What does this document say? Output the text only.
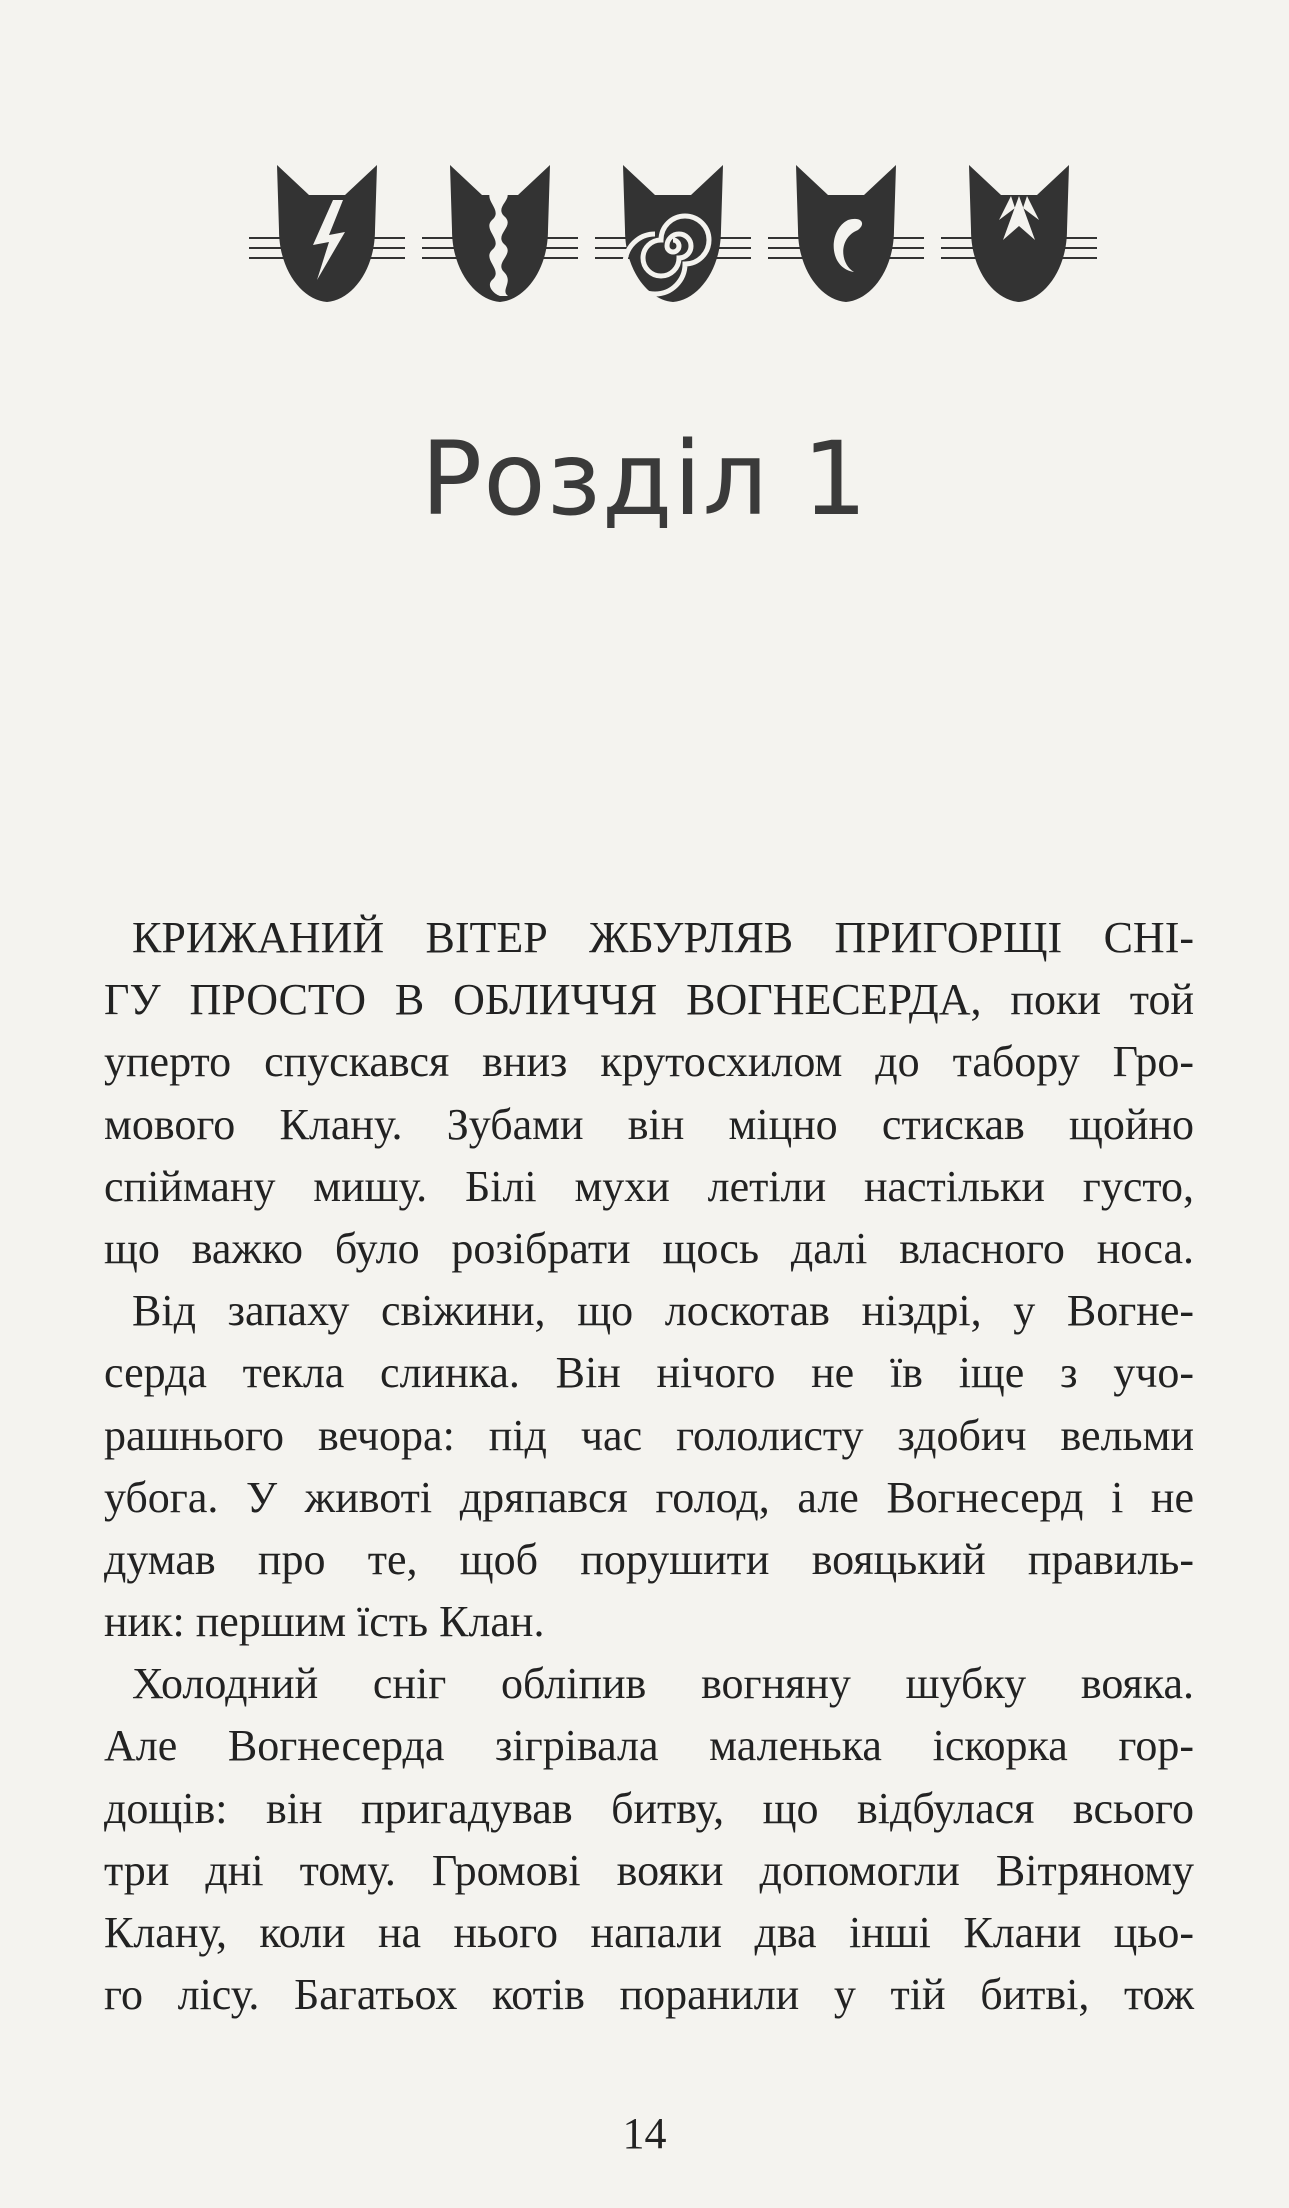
Розділ 1
КРИЖАНИЙ ВІТЕР ЖБУРЛЯВ ПРИГОРЩІ СНІ-
ГУ ПРОСТО В ОБЛИЧЧЯ ВОГНЕСЕРДА, поки той
уперто спускався вниз крутосхилом до табору Гро-
мового Клану. Зубами він міцно стискав щойно
спійману мишу. Білі мухи летіли настільки густо,
що важко було розібрати щось далі власного носа.
Від запаху свіжини, що лоскотав ніздрі, у Вогне-
серда текла слинка. Він нічого не їв іще з учо-
рашнього вечора: під час гололисту здобич вельми
убога. У животі дряпався голод, але Вогнесерд і не
думав про те, щоб порушити вояцький правиль-
ник: першим їсть Клан.
Холодний сніг обліпив вогняну шубку вояка.
Але Вогнесерда зігрівала маленька іскорка гор-
дощів: він пригадував битву, що відбулася всього
три дні тому. Громові вояки допомогли Вітряному
Клану, коли на нього напали два інші Клани цьо-
го лісу. Багатьох котів поранили у тій битві, тож
14
